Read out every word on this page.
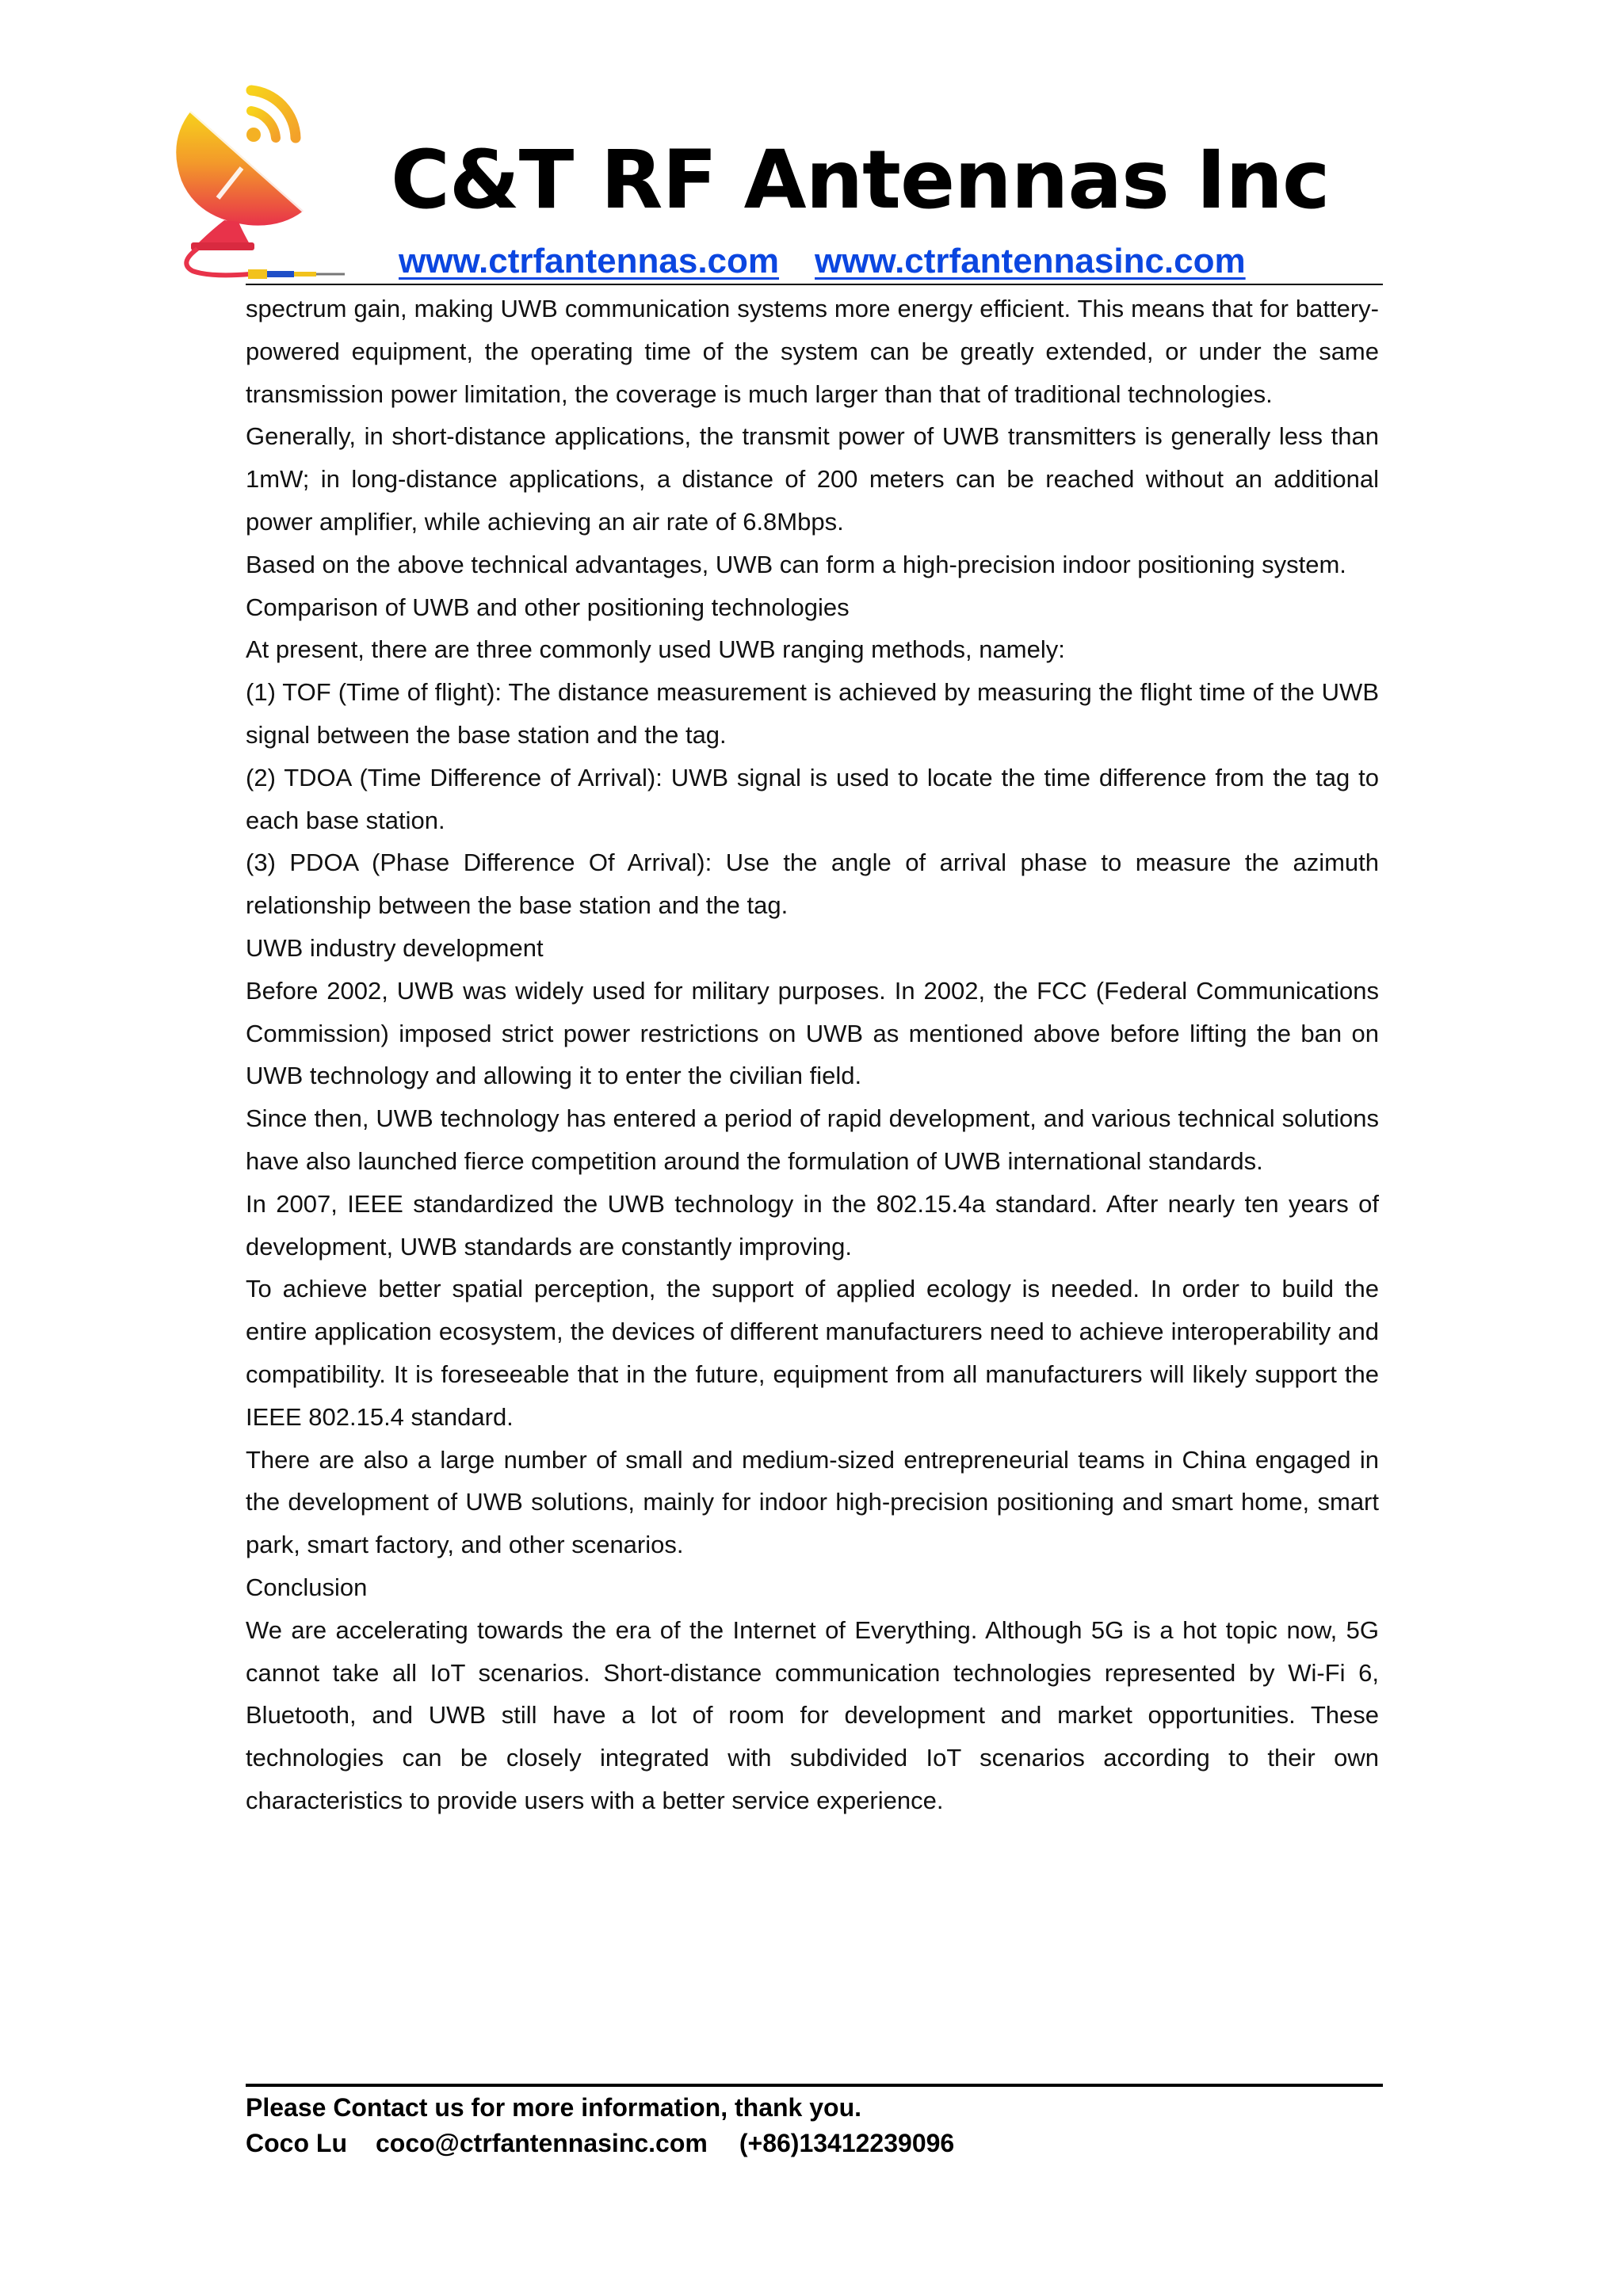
C&T RF Antennas Inc
www.ctrfantennas.com www.ctrfantennasinc.com

spectrum gain, making UWB communication systems more energy efficient. This means that for battery-powered equipment, the operating time of the system can be greatly extended, or under the same transmission power limitation, the coverage is much larger than that of traditional technologies.

Generally, in short-distance applications, the transmit power of UWB transmitters is generally less than 1mW; in long-distance applications, a distance of 200 meters can be reached without an additional power amplifier, while achieving an air rate of 6.8Mbps.

Based on the above technical advantages, UWB can form a high-precision indoor positioning system.

Comparison of UWB and other positioning technologies

At present, there are three commonly used UWB ranging methods, namely:

(1) TOF (Time of flight): The distance measurement is achieved by measuring the flight time of the UWB signal between the base station and the tag.

(2) TDOA (Time Difference of Arrival): UWB signal is used to locate the time difference from the tag to each base station.

(3) PDOA (Phase Difference Of Arrival): Use the angle of arrival phase to measure the azimuth relationship between the base station and the tag.

UWB industry development

Before 2002, UWB was widely used for military purposes. In 2002, the FCC (Federal Communications Commission) imposed strict power restrictions on UWB as mentioned above before lifting the ban on UWB technology and allowing it to enter the civilian field.

Since then, UWB technology has entered a period of rapid development, and various technical solutions have also launched fierce competition around the formulation of UWB international standards.

In 2007, IEEE standardized the UWB technology in the 802.15.4a standard. After nearly ten years of development, UWB standards are constantly improving.

To achieve better spatial perception, the support of applied ecology is needed. In order to build the entire application ecosystem, the devices of different manufacturers need to achieve interoperability and compatibility. It is foreseeable that in the future, equipment from all manufacturers will likely support the IEEE 802.15.4 standard.

There are also a large number of small and medium-sized entrepreneurial teams in China engaged in the development of UWB solutions, mainly for indoor high-precision positioning and smart home, smart park, smart factory, and other scenarios.

Conclusion

We are accelerating towards the era of the Internet of Everything. Although 5G is a hot topic now, 5G cannot take all IoT scenarios. Short-distance communication technologies represented by Wi-Fi 6, Bluetooth, and UWB still have a lot of room for development and market opportunities. These technologies can be closely integrated with subdivided IoT scenarios according to their own characteristics to provide users with a better service experience.

Please Contact us for more information, thank you.
Coco Lu coco@ctrfantennasinc.com (+86)13412239096
